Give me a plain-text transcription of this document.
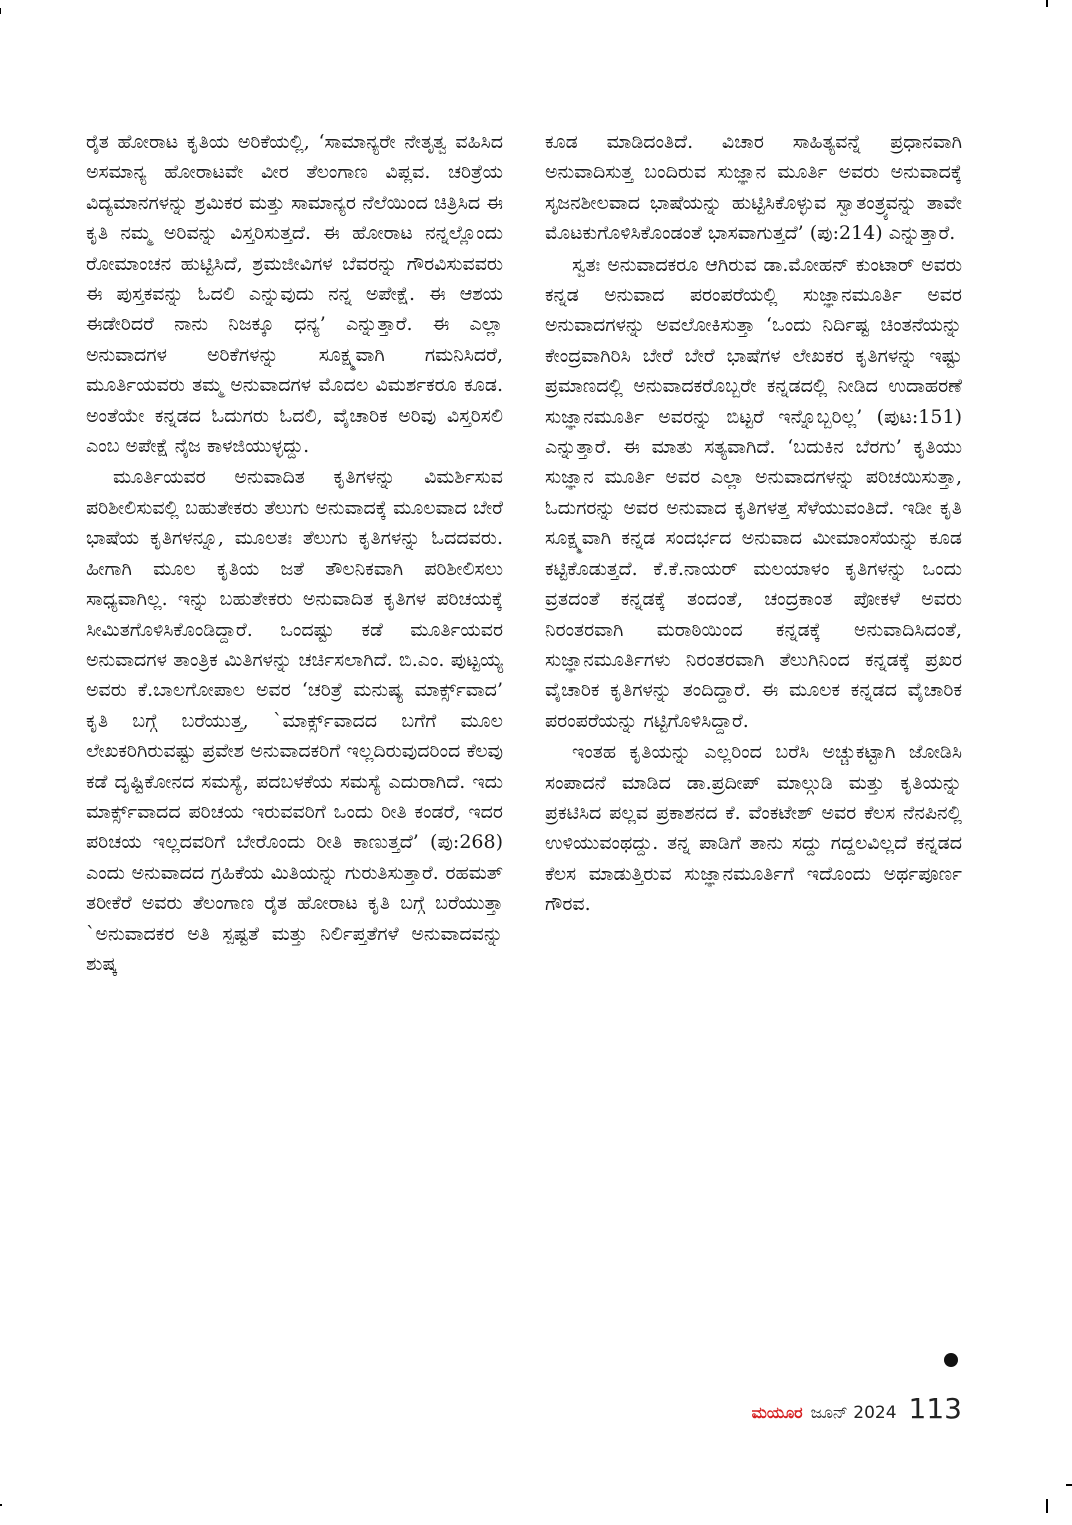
ರೈತ ಹೋರಾಟ ಕೃತಿಯ ಅರಿಕೆಯಲ್ಲಿ, ‘ಸಾಮಾನ್ಯರೇ ನೇತೃತ್ವ ವಹಿಸಿದ ಅಸಮಾನ್ಯ ಹೋರಾಟವೇ ವೀರ ತೆಲಂಗಾಣ ವಿಪ್ಲವ. ಚರಿತ್ರೆಯ ವಿದ್ಯಮಾನಗಳನ್ನು ಶ್ರಮಿಕರ ಮತ್ತು ಸಾಮಾನ್ಯರ ನೆಲೆಯಿಂದ ಚಿತ್ರಿಸಿದ ಈ ಕೃತಿ ನಮ್ಮ ಅರಿವನ್ನು ವಿಸ್ತರಿಸುತ್ತದೆ. ಈ ಹೋರಾಟ ನನ್ನಲ್ಲೊಂದು ರೋಮಾಂಚನ ಹುಟ್ಟಿಸಿದೆ, ಶ್ರಮಜೀವಿಗಳ ಬೆವರನ್ನು ಗೌರವಿಸುವವರು ಈ ಪುಸ್ತಕವನ್ನು ಓದಲಿ ಎನ್ನುವುದು ನನ್ನ ಅಪೇಕ್ಷೆ. ಈ ಆಶಯ ಈಡೇರಿದರೆ ನಾನು ನಿಜಕ್ಕೂ ಧನ್ಯ’ ಎನ್ನುತ್ತಾರೆ. ಈ ಎಲ್ಲಾ ಅನುವಾದಗಳ ಅರಿಕೆಗಳನ್ನು ಸೂಕ್ಷ್ಮವಾಗಿ ಗಮನಿಸಿದರೆ, ಮೂರ್ತಿಯವರು ತಮ್ಮ ಅನುವಾದಗಳ ಮೊದಲ ವಿಮರ್ಶಕರೂ ಕೂಡ. ಅಂತೆಯೇ ಕನ್ನಡದ ಓದುಗರು ಓದಲಿ, ವೈಚಾರಿಕ ಅರಿವು ವಿಸ್ತರಿಸಲಿ ಎಂಬ ಅಪೇಕ್ಷೆ ನೈಜ ಕಾಳಜಿಯುಳ್ಳದ್ದು.

ಮೂರ್ತಿಯವರ ಅನುವಾದಿತ ಕೃತಿಗಳನ್ನು ವಿಮರ್ಶಿಸುವ ಪರಿಶೀಲಿಸುವಲ್ಲಿ ಬಹುತೇಕರು ತೆಲುಗು ಅನುವಾದಕ್ಕೆ ಮೂಲವಾದ ಬೇರೆ ಭಾಷೆಯ ಕೃತಿಗಳನ್ನೂ, ಮೂಲತಃ ತೆಲುಗು ಕೃತಿಗಳನ್ನು ಓದದವರು. ಹೀಗಾಗಿ ಮೂಲ ಕೃತಿಯ ಜತೆ ತೌಲನಿಕವಾಗಿ ಪರಿಶೀಲಿಸಲು ಸಾಧ್ಯವಾಗಿಲ್ಲ. ಇನ್ನು ಬಹುತೇಕರು ಅನುವಾದಿತ ಕೃತಿಗಳ ಪರಿಚಯಕ್ಕೆ ಸೀಮಿತಗೊಳಿಸಿಕೊಂಡಿದ್ದಾರೆ. ಒಂದಷ್ಟು ಕಡೆ ಮೂರ್ತಿಯವರ ಅನುವಾದಗಳ ತಾಂತ್ರಿಕ ಮಿತಿಗಳನ್ನು ಚರ್ಚಿಸಲಾಗಿದೆ. ಬಿ.ಎಂ. ಪುಟ್ಟಯ್ಯ ಅವರು ಕೆ.ಬಾಲಗೋಪಾಲ ಅವರ ‘ಚರಿತ್ರೆ ಮನುಷ್ಯ ಮಾರ್ಕ್ಸ್‌ವಾದ’ ಕೃತಿ ಬಗ್ಗೆ ಬರೆಯುತ್ತ, `ಮಾರ್ಕ್ಸ್‌ವಾದದ ಬಗೆಗೆ ಮೂಲ ಲೇಖಕರಿಗಿರುವಷ್ಟು ಪ್ರವೇಶ ಅನುವಾದಕರಿಗೆ ಇಲ್ಲದಿರುವುದರಿಂದ ಕೆಲವು ಕಡೆ ದೃಷ್ಟಿಕೋನದ ಸಮಸ್ಯೆ, ಪದಬಳಕೆಯ ಸಮಸ್ಯೆ ಎದುರಾಗಿದೆ. ಇದು ಮಾರ್ಕ್ಸ್‌ವಾದದ ಪರಿಚಯ ಇರುವವರಿಗೆ ಒಂದು ರೀತಿ ಕಂಡರೆ, ಇದರ ಪರಿಚಯ ಇಲ್ಲದವರಿಗೆ ಬೇರೊಂದು ರೀತಿ ಕಾಣುತ್ತದೆ’ (ಪು:268) ಎಂದು ಅನುವಾದದ ಗ್ರಹಿಕೆಯ ಮಿತಿಯನ್ನು ಗುರುತಿಸುತ್ತಾರೆ. ರಹಮತ್ ತರೀಕೆರೆ ಅವರು ತೆಲಂಗಾಣ ರೈತ ಹೋರಾಟ ಕೃತಿ ಬಗ್ಗೆ ಬರೆಯುತ್ತಾ `ಅನುವಾದಕರ ಅತಿ ಸ್ಪಷ್ಟತೆ ಮತ್ತು ನಿರ್ಲಿಪ್ತತೆಗಳೆ ಅನುವಾದವನ್ನು ಶುಷ್ಕ

ಕೂಡ ಮಾಡಿದಂತಿದೆ. ವಿಚಾರ ಸಾಹಿತ್ಯವನ್ನೆ ಪ್ರಧಾನವಾಗಿ ಅನುವಾದಿಸುತ್ತ ಬಂದಿರುವ ಸುಜ್ಞಾನ ಮೂರ್ತಿ ಅವರು ಅನುವಾದಕ್ಕೆ ಸೃಜನಶೀಲವಾದ ಭಾಷೆಯನ್ನು ಹುಟ್ಟಿಸಿಕೊಳ್ಳುವ ಸ್ವಾತಂತ್ರ್ಯವನ್ನು ತಾವೇ ಮೊಟಕುಗೊಳಿಸಿಕೊಂಡಂತೆ ಭಾಸವಾಗುತ್ತದೆ’ (ಪು:214) ಎನ್ನುತ್ತಾರೆ.

ಸ್ವತಃ ಅನುವಾದಕರೂ ಆಗಿರುವ ಡಾ.ಮೋಹನ್ ಕುಂಟಾರ್ ಅವರು ಕನ್ನಡ ಅನುವಾದ ಪರಂಪರೆಯಲ್ಲಿ ಸುಜ್ಞಾನಮೂರ್ತಿ ಅವರ ಅನುವಾದಗಳನ್ನು ಅವಲೋಕಿಸುತ್ತಾ ‘ಒಂದು ನಿರ್ದಿಷ್ಟ ಚಿಂತನೆಯನ್ನು ಕೇಂದ್ರವಾಗಿರಿಸಿ ಬೇರೆ ಬೇರೆ ಭಾಷೆಗಳ ಲೇಖಕರ ಕೃತಿಗಳನ್ನು ಇಷ್ಟು ಪ್ರಮಾಣದಲ್ಲಿ ಅನುವಾದಕರೊಬ್ಬರೇ ಕನ್ನಡದಲ್ಲಿ ನೀಡಿದ ಉದಾಹರಣೆ ಸುಜ್ಞಾನಮೂರ್ತಿ ಅವರನ್ನು ಬಿಟ್ಟರೆ ಇನ್ನೊಬ್ಬರಿಲ್ಲ’ (ಪುಟ:151) ಎನ್ನುತ್ತಾರೆ. ಈ ಮಾತು ಸತ್ಯವಾಗಿದೆ. ‘ಬದುಕಿನ ಬೆರಗು’ ಕೃತಿಯು ಸುಜ್ಞಾನ ಮೂರ್ತಿ ಅವರ ಎಲ್ಲಾ ಅನುವಾದಗಳನ್ನು ಪರಿಚಯಿಸುತ್ತಾ, ಓದುಗರನ್ನು ಅವರ ಅನುವಾದ ಕೃತಿಗಳತ್ತ ಸೆಳೆಯುವಂತಿದೆ. ಇಡೀ ಕೃತಿ ಸೂಕ್ಷ್ಮವಾಗಿ ಕನ್ನಡ ಸಂದರ್ಭದ ಅನುವಾದ ಮೀಮಾಂಸೆಯನ್ನು ಕೂಡ ಕಟ್ಟಿಕೊಡುತ್ತದೆ. ಕೆ.ಕೆ.ನಾಯರ್ ಮಲಯಾಳಂ ಕೃತಿಗಳನ್ನು ಒಂದು ವ್ರತದಂತೆ ಕನ್ನಡಕ್ಕೆ ತಂದಂತೆ, ಚಂದ್ರಕಾಂತ ಪೋಕಳೆ ಅವರು ನಿರಂತರವಾಗಿ ಮರಾಠಿಯಿಂದ ಕನ್ನಡಕ್ಕೆ ಅನುವಾದಿಸಿದಂತೆ, ಸುಜ್ಞಾನಮೂರ್ತಿಗಳು ನಿರಂತರವಾಗಿ ತೆಲುಗಿನಿಂದ ಕನ್ನಡಕ್ಕೆ ಪ್ರಖರ ವೈಚಾರಿಕ ಕೃತಿಗಳನ್ನು ತಂದಿದ್ದಾರೆ. ಈ ಮೂಲಕ ಕನ್ನಡದ ವೈಚಾರಿಕ ಪರಂಪರೆಯನ್ನು ಗಟ್ಟಿಗೊಳಿಸಿದ್ದಾರೆ.

ಇಂತಹ ಕೃತಿಯನ್ನು ಎಲ್ಲರಿಂದ ಬರೆಸಿ ಅಚ್ಚುಕಟ್ಟಾಗಿ ಜೋಡಿಸಿ ಸಂಪಾದನೆ ಮಾಡಿದ ಡಾ.ಪ್ರದೀಪ್ ಮಾಲ್ಗುಡಿ ಮತ್ತು ಕೃತಿಯನ್ನು ಪ್ರಕಟಿಸಿದ ಪಲ್ಲವ ಪ್ರಕಾಶನದ ಕೆ. ವೆಂಕಟೇಶ್ ಅವರ ಕೆಲಸ ನೆನಪಿನಲ್ಲಿ ಉಳಿಯುವಂಥದ್ದು. ತನ್ನ ಪಾಡಿಗೆ ತಾನು ಸದ್ದು ಗದ್ದಲವಿಲ್ಲದೆ ಕನ್ನಡದ ಕೆಲಸ ಮಾಡುತ್ತಿರುವ ಸುಜ್ಞಾನಮೂರ್ತಿಗೆ ಇದೊಂದು ಅರ್ಥಪೂರ್ಣ ಗೌರವ.

ಮಯೂರ ಜೂನ್ 2024 113
